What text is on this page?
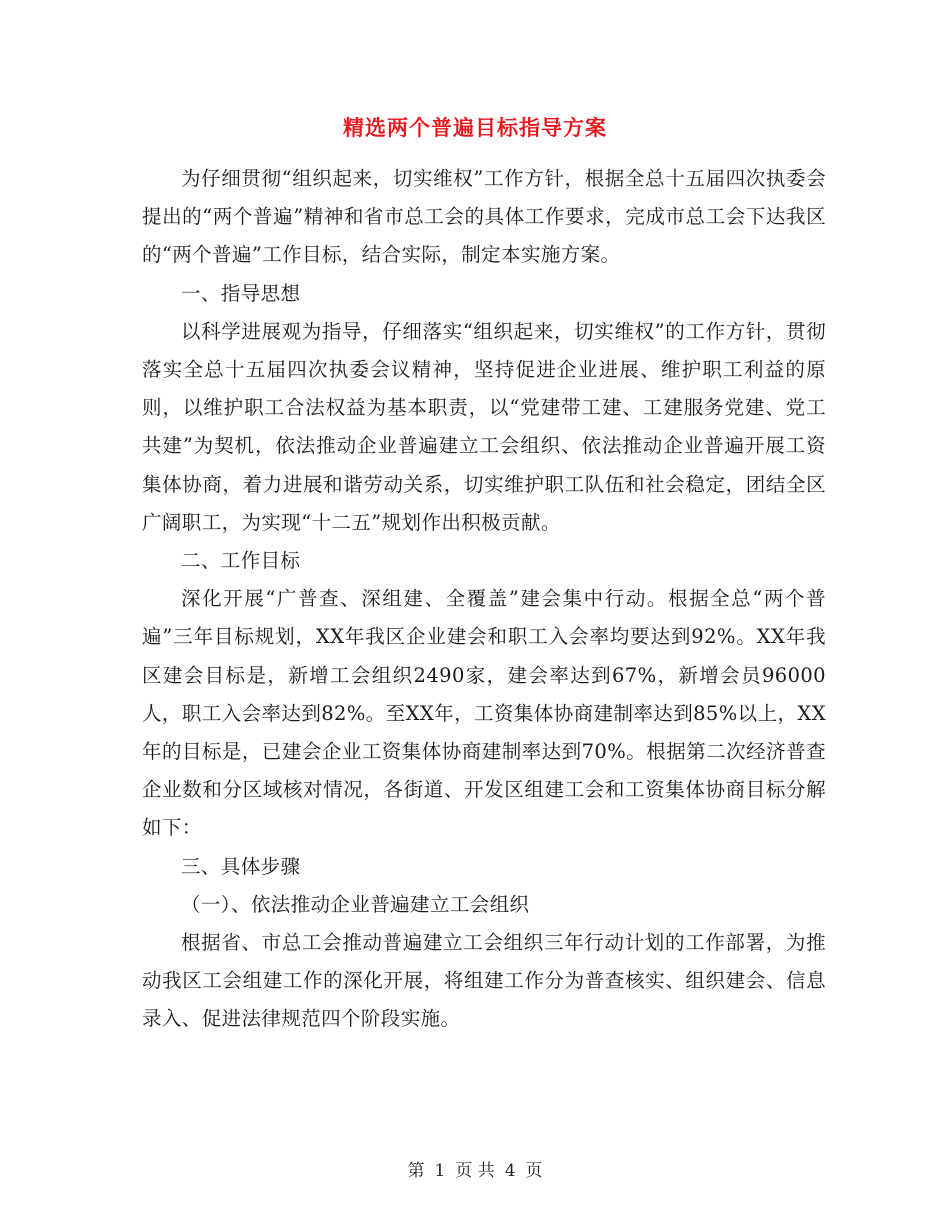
精选两个普遍目标指导方案

为仔细贯彻“组织起来，切实维权”工作方针，根据全总十五届四次执委会提出的“两个普遍”精神和省市总工会的具体工作要求，完成市总工会下达我区的“两个普遍”工作目标，结合实际，制定本实施方案。

一、指导思想

以科学进展观为指导，仔细落实“组织起来，切实维权”的工作方针，贯彻落实全总十五届四次执委会议精神，坚持促进企业进展、维护职工利益的原则，以维护职工合法权益为基本职责，以“党建带工建、工建服务党建、党工共建”为契机，依法推动企业普遍建立工会组织、依法推动企业普遍开展工资集体协商，着力进展和谐劳动关系，切实维护职工队伍和社会稳定，团结全区广阔职工，为实现“十二五”规划作出积极贡献。

二、工作目标

深化开展“广普查、深组建、全覆盖”建会集中行动。根据全总“两个普遍”三年目标规划，XX年我区企业建会和职工入会率均要达到92%。XX年我区建会目标是，新增工会组织2490家，建会率达到67%，新增会员96000人，职工入会率达到82%。至XX年，工资集体协商建制率达到85%以上，XX年的目标是，已建会企业工资集体协商建制率达到70%。根据第二次经济普查企业数和分区域核对情况，各街道、开发区组建工会和工资集体协商目标分解如下：

三、具体步骤

（一）、依法推动企业普遍建立工会组织

根据省、市总工会推动普遍建立工会组织三年行动计划的工作部署，为推动我区工会组建工作的深化开展，将组建工作分为普查核实、组织建会、信息录入、促进法律规范四个阶段实施。

第 1 页 共 4 页
